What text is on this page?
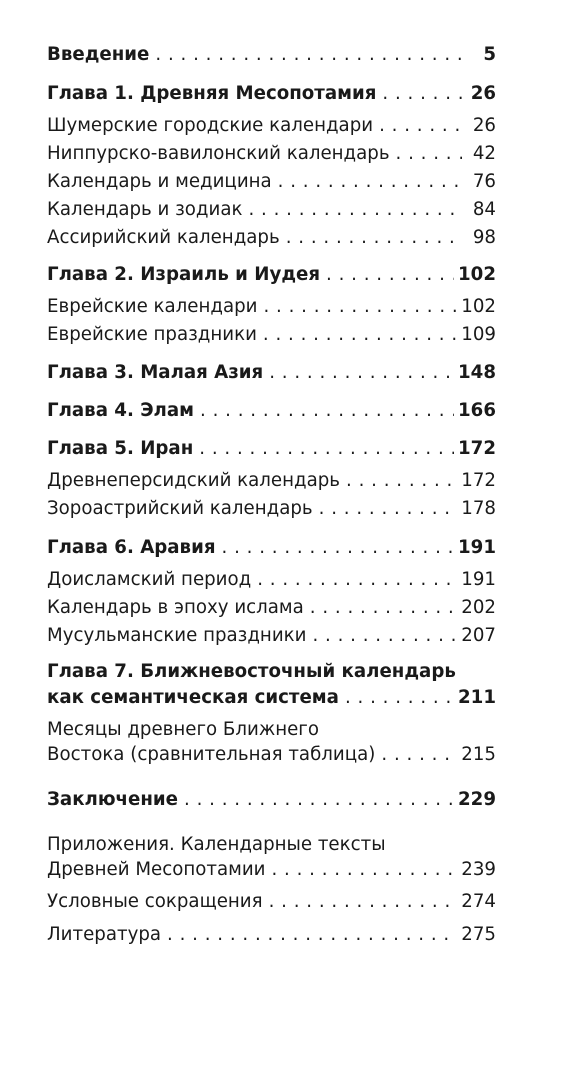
Введение . . .	5
Глава 1. Древняя Месопотамия . . .	26
Шумерские городские календари . . .	26
Ниппурско-вавилонский календарь . . .	42
Календарь и медицина . . .	76
Календарь и зодиак . . .	84
Ассирийский календарь . . .	98
Глава 2. Израиль и Иудея . . .	102
Еврейские календари . . .	102
Еврейские праздники . . .	109
Глава 3. Малая Азия . . .	148
Глава 4. Элам . . .	166
Глава 5. Иран . . .	172
Древнеперсидский календарь . . .	172
Зороастрийский календарь . . .	178
Глава 6. Аравия . . .	191
Доисламский период . . .	191
Календарь в эпоху ислама . . .	202
Мусульманские праздники . . .	207
Глава 7. Ближневосточный календарь
как семантическая система . . .	211
Месяцы древнего Ближнего
Востока (сравнительная таблица) . . .	215
Заключение . . .	229
Приложения. Календарные тексты
Древней Месопотамии . . .	239
Условные сокращения . . .	274
Литература . . .	275
